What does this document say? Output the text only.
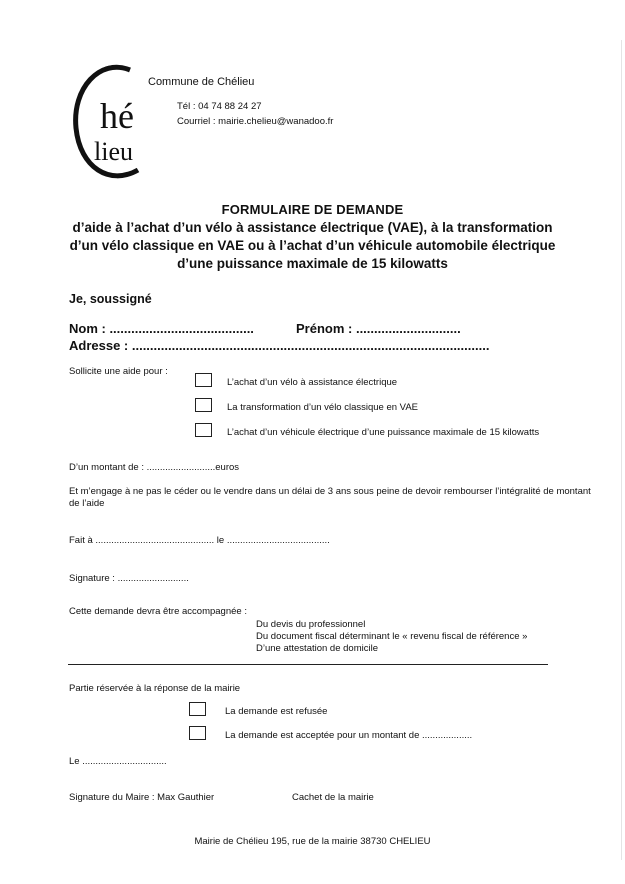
hé
lieu
Commune de Chélieu
Tél : 04 74 88 24 27
Courriel : mairie.chelieu@wanadoo.fr
FORMULAIRE DE DEMANDE
d’aide à l’achat d’un vélo à assistance électrique (VAE), à la transformation
d’un vélo classique en VAE ou à l’achat d’un véhicule automobile électrique
d’une puissance maximale de 15 kilowatts
Je, soussigné
Nom : ........................................	Prénom : .............................
Adresse : ...................................................................................................
Sollicite une aide pour :
L’achat d’un vélo à assistance électrique
La transformation d’un vélo classique en VAE
L’achat d’un véhicule électrique d’une puissance maximale de 15 kilowatts
D’un montant de : ..........................euros
Et m’engage à ne pas le céder ou le vendre dans un délai de 3 ans sous peine de devoir rembourser l’intégralité de montant
de l’aide
Fait à ............................................. le .......................................
Signature : ...........................
Cette demande devra être accompagnée :
Du devis du professionnel
Du document fiscal déterminant le « revenu fiscal de référence »
D’une attestation de domicile
Partie réservée à la réponse de la mairie
La demande est refusée
La demande est acceptée pour un montant de ...................
Le ................................
Signature du Maire : Max Gauthier	Cachet de la mairie
Mairie de Chélieu 195, rue de la mairie 38730 CHELIEU
